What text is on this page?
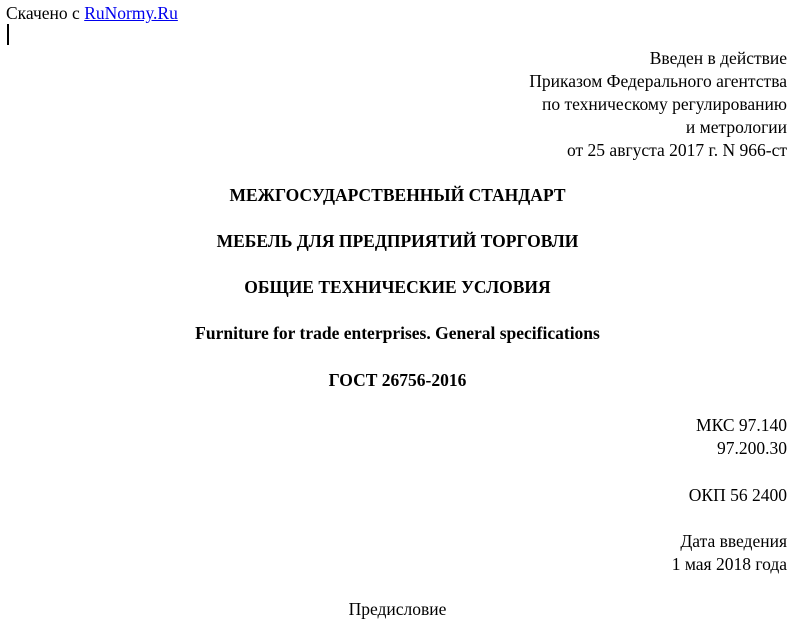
Скачено с RuNormy.Ru
Введен в действие
Приказом Федерального агентства
по техническому регулированию
и метрологии
от 25 августа 2017 г. N 966-ст
МЕЖГОСУДАРСТВЕННЫЙ СТАНДАРТ
МЕБЕЛЬ ДЛЯ ПРЕДПРИЯТИЙ ТОРГОВЛИ
ОБЩИЕ ТЕХНИЧЕСКИЕ УСЛОВИЯ
Furniture for trade enterprises. General specifications
ГОСТ 26756-2016
МКС 97.140
97.200.30
ОКП 56 2400
Дата введения
1 мая 2018 года
Предисловие
